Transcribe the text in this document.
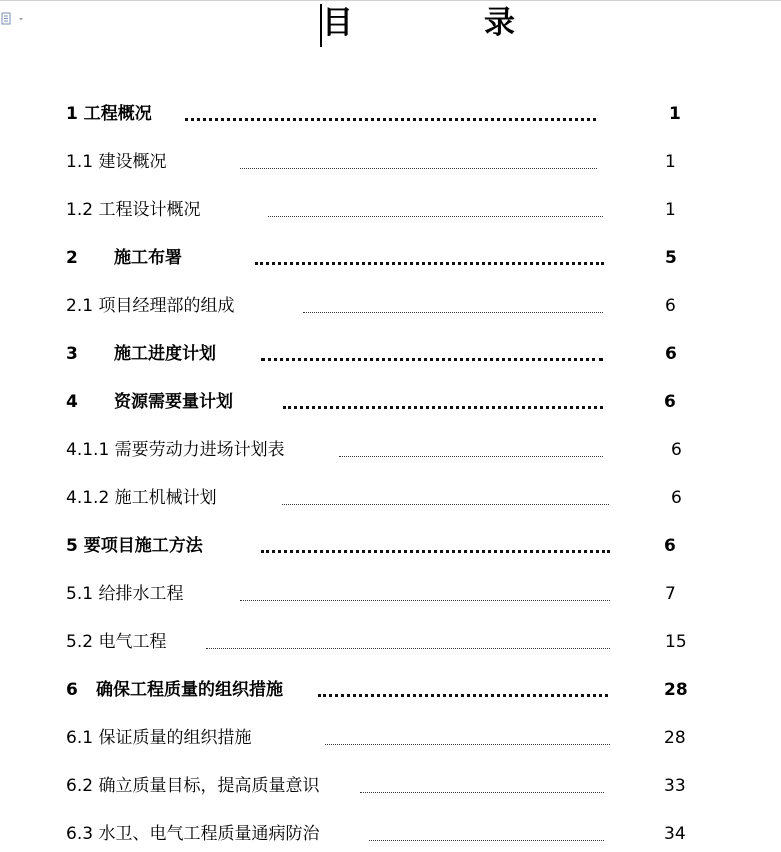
目　录
1 工程概况	1
1.1 建设概况	1
1.2 工程设计概况	1
2 施工布署	5
2.1 项目经理部的组成	6
3 施工进度计划	6
4 资源需要量计划	6
4.1.1 需要劳动力进场计划表	6
4.1.2 施工机械计划	6
5 要项目施工方法	6
5.1 给排水工程	7
5.2 电气工程	15
6 确保工程质量的组织措施	28
6.1 保证质量的组织措施	28
6.2 确立质量目标，提高质量意识	33
6.3 水卫、电气工程质量通病防治	34
